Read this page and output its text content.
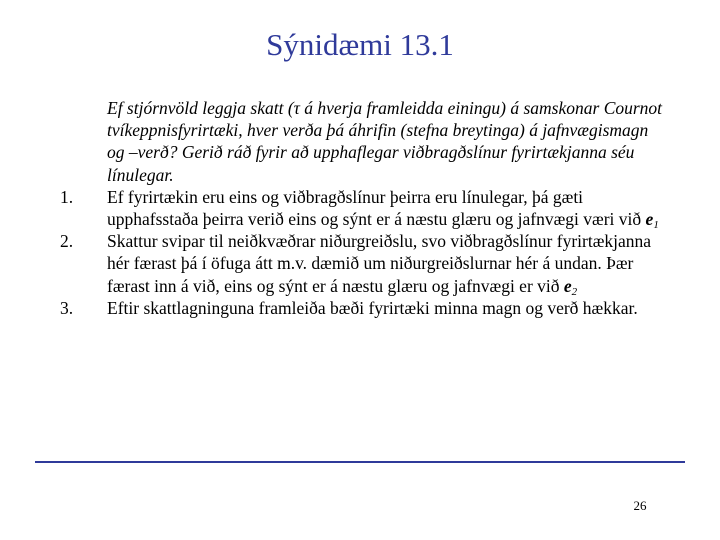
Sýnidæmi 13.1

Ef stjórnvöld leggja skatt (τ á hverja framleidda einingu) á samskonar Cournot tvíkeppnisfyrirtæki, hver verða þá áhrifin (stefna breytinga) á jafnvægismagn og –verð? Gerið ráð fyrir að upphaflegar viðbragðslínur fyrirtækjanna séu línulegar.

1.	Ef fyrirtækin eru eins og viðbragðslínur þeirra eru línulegar, þá gæti upphafsstaða þeirra verið eins og sýnt er á næstu glæru og jafnvægi væri við $e_1$

2.	Skattur svipar til neiðkvæðrar niðurgreiðslu, svo viðbragðslínur fyrirtækjanna hér færast þá í öfuga átt m.v. dæmið um niðurgreiðslurnar hér á undan. Þær færast inn á við, eins og sýnt er á næstu glæru og jafnvægi er við $e_2$

3.	Eftir skattlagninguna framleiða bæði fyrirtæki minna magn og verð hækkar.

26
